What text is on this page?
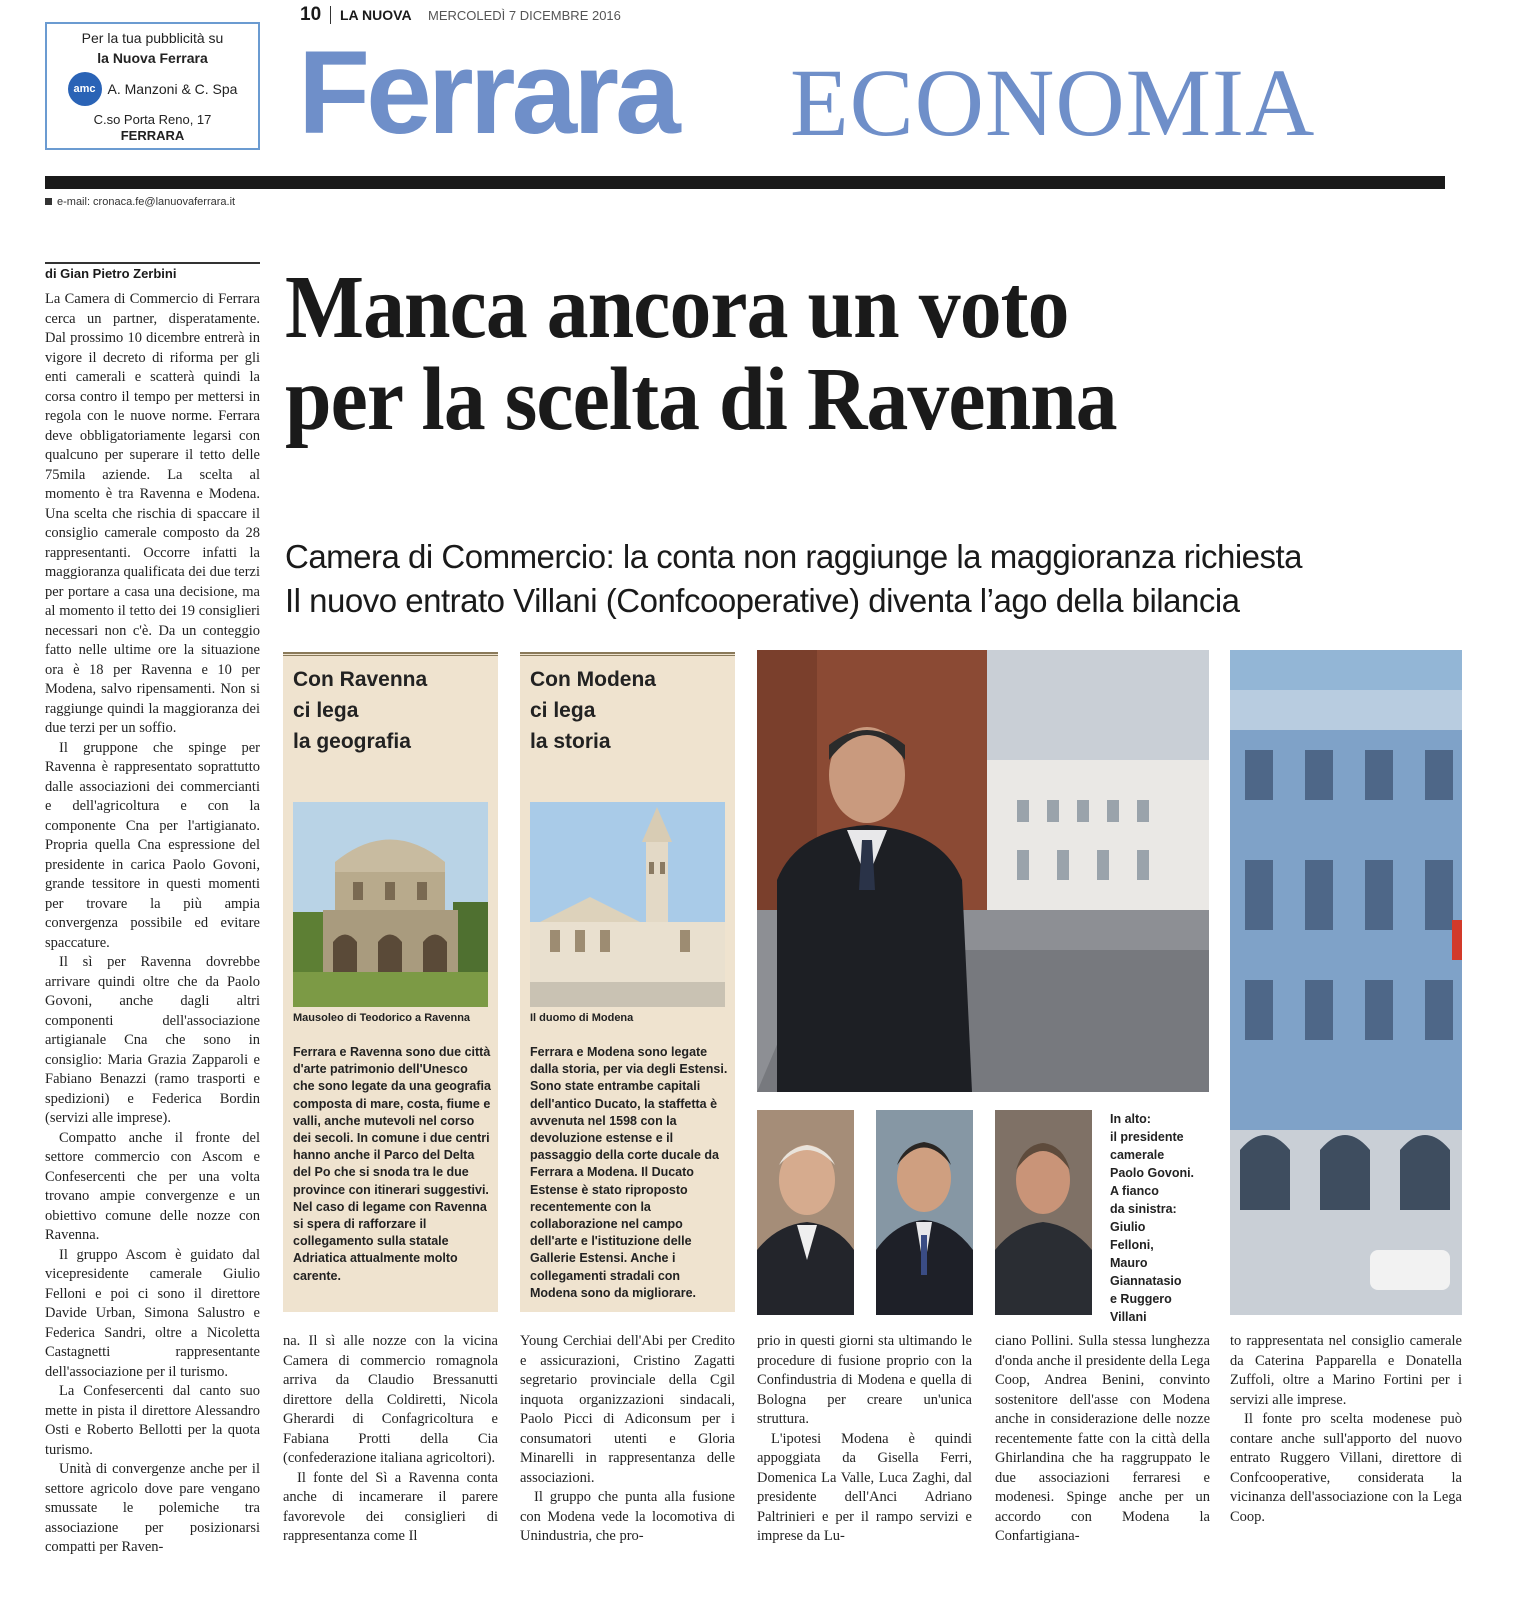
Per la tua pubblicità su
la Nuova Ferrara
amc A. Manzoni & C. Spa
C.so Porta Reno, 17
FERRARA
10 LA NUOVA MERCOLEDÌ 7 DICEMBRE 2016
Ferrara ECONOMIA
e-mail: cronaca.fe@lanuovaferrara.it
Manca ancora un voto
per la scelta di Ravenna
Camera di Commercio: la conta non raggiunge la maggioranza richiesta
Il nuovo entrato Villani (Confcooperative) diventa l’ago della bilancia
di Gian Pietro Zerbini

La Camera di Commercio di Ferrara cerca un partner, disperatamente. Dal prossimo 10 dicembre entrerà in vigore il decreto di riforma per gli enti camerali e scatterà quindi la corsa contro il tempo per mettersi in regola con le nuove norme. Ferrara deve obbligatoriamente legarsi con qualcuno per superare il tetto delle 75mila aziende. La scelta al momento è tra Ravenna e Modena. Una scelta che rischia di spaccare il consiglio camerale composto da 28 rappresentanti. Occorre infatti la maggioranza qualificata dei due terzi per portare a casa una decisione, ma al momento il tetto dei 19 consiglieri necessari non c'è. Da un conteggio fatto nelle ultime ore la situazione ora è 18 per Ravenna e 10 per Modena, salvo ripensamenti. Non si raggiunge quindi la maggioranza dei due terzi per un soffio.

Il gruppone che spinge per Ravenna è rappresentato soprattutto dalle associazioni dei commercianti e dell'agricoltura e con la componente Cna per l'artigianato. Propria quella Cna espressione del presidente in carica Paolo Govoni, grande tessitore in questi momenti per trovare la più ampia convergenza possibile ed evitare spaccature.

Il sì per Ravenna dovrebbe arrivare quindi oltre che da Paolo Govoni, anche dagli altri componenti dell'associazione artigianale Cna che sono in consiglio: Maria Grazia Zapparoli e Fabiano Benazzi (ramo trasporti e spedizioni) e Federica Bordin (servizi alle imprese).

Compatto anche il fronte del settore commercio con Ascom e Confesercenti che per una volta trovano ampie convergenze e un obiettivo comune delle nozze con Ravenna.

Il gruppo Ascom è guidato dal vicepresidente camerale Giulio Felloni e poi ci sono il direttore Davide Urban, Simona Salustro e Federica Sandri, oltre a Nicoletta Castagnetti rappresentante dell'associazione per il turismo.

La Confesercenti dal canto suo mette in pista il direttore Alessandro Osti e Roberto Bellotti per la quota turismo.

Unità di convergenze anche per il settore agricolo dove pare vengano smussate le polemiche tra associazione per posizionarsi compatti per Raven-

Con Ravenna
ci lega
la geografia
Mausoleo di Teodorico a Ravenna
Ferrara e Ravenna sono due città d'arte patrimonio dell'Unesco che sono legate da una geografia composta di mare, costa, fiume e valli, anche mutevoli nel corso dei secoli. In comune i due centri hanno anche il Parco del Delta del Po che si snoda tra le due province con itinerari suggestivi. Nel caso di legame con Ravenna si spera di rafforzare il collegamento sulla statale Adriatica attualmente molto carente.
Con Modena
ci lega
la storia
Il duomo di Modena
Ferrara e Modena sono legate dalla storia, per via degli Estensi. Sono state entrambe capitali dell'antico Ducato, la staffetta è avvenuta nel 1598 con la devoluzione estense e il passaggio della corte ducale da Ferrara a Modena. Il Ducato Estense è stato riproposto recentemente con la collaborazione nel campo dell'arte e l'istituzione delle Gallerie Estensi. Anche i collegamenti stradali con Modena sono da migliorare.
In alto:
il presidente
camerale
Paolo Govoni.
A fianco
da sinistra:
Giulio
Felloni,
Mauro
Giannatasio
e Ruggero
Villani

na. Il sì alle nozze con la vicina Camera di commercio romagnola arriva da Claudio Bressanutti direttore della Coldiretti, Nicola Gherardi di Confagricoltura e Fabiana Protti della Cia (confederazione italiana agricoltori).

Il fonte del Sì a Ravenna conta anche di incamerare il parere favorevole dei consiglieri di rappresentanza come Il

Young Cerchiai dell'Abi per Credito e assicurazioni, Cristino Zagatti segretario provinciale della Cgil inquota organizzazioni sindacali, Paolo Picci di Adiconsum per i consumatori utenti e Gloria Minarelli in rappresentanza delle associazioni.

Il gruppo che punta alla fusione con Modena vede la locomotiva di Unindustria, che pro-

prio in questi giorni sta ultimando le procedure di fusione proprio con la Confindustria di Modena e quella di Bologna per creare un'unica struttura.

L'ipotesi Modena è quindi appoggiata da Gisella Ferri, Domenica La Valle, Luca Zaghi, dal presidente dell'Anci Adriano Paltrinieri e per il rampo servizi e imprese da Lu-

ciano Pollini. Sulla stessa lunghezza d'onda anche il presidente della Lega Coop, Andrea Benini, convinto sostenitore dell'asse con Modena anche in considerazione delle nozze recentemente fatte con la città della Ghirlandina che ha raggruppato le due associazioni ferraresi e modenesi. Spinge anche per un accordo con Modena la Confartigiana-

to rappresentata nel consiglio camerale da Caterina Papparella e Donatella Zuffoli, oltre a Marino Fortini per i servizi alle imprese.

Il fonte pro scelta modenese può contare anche sull'apporto del nuovo entrato Ruggero Villani, direttore di Confcooperative, considerata la vicinanza dell'associazione con la Lega Coop.
